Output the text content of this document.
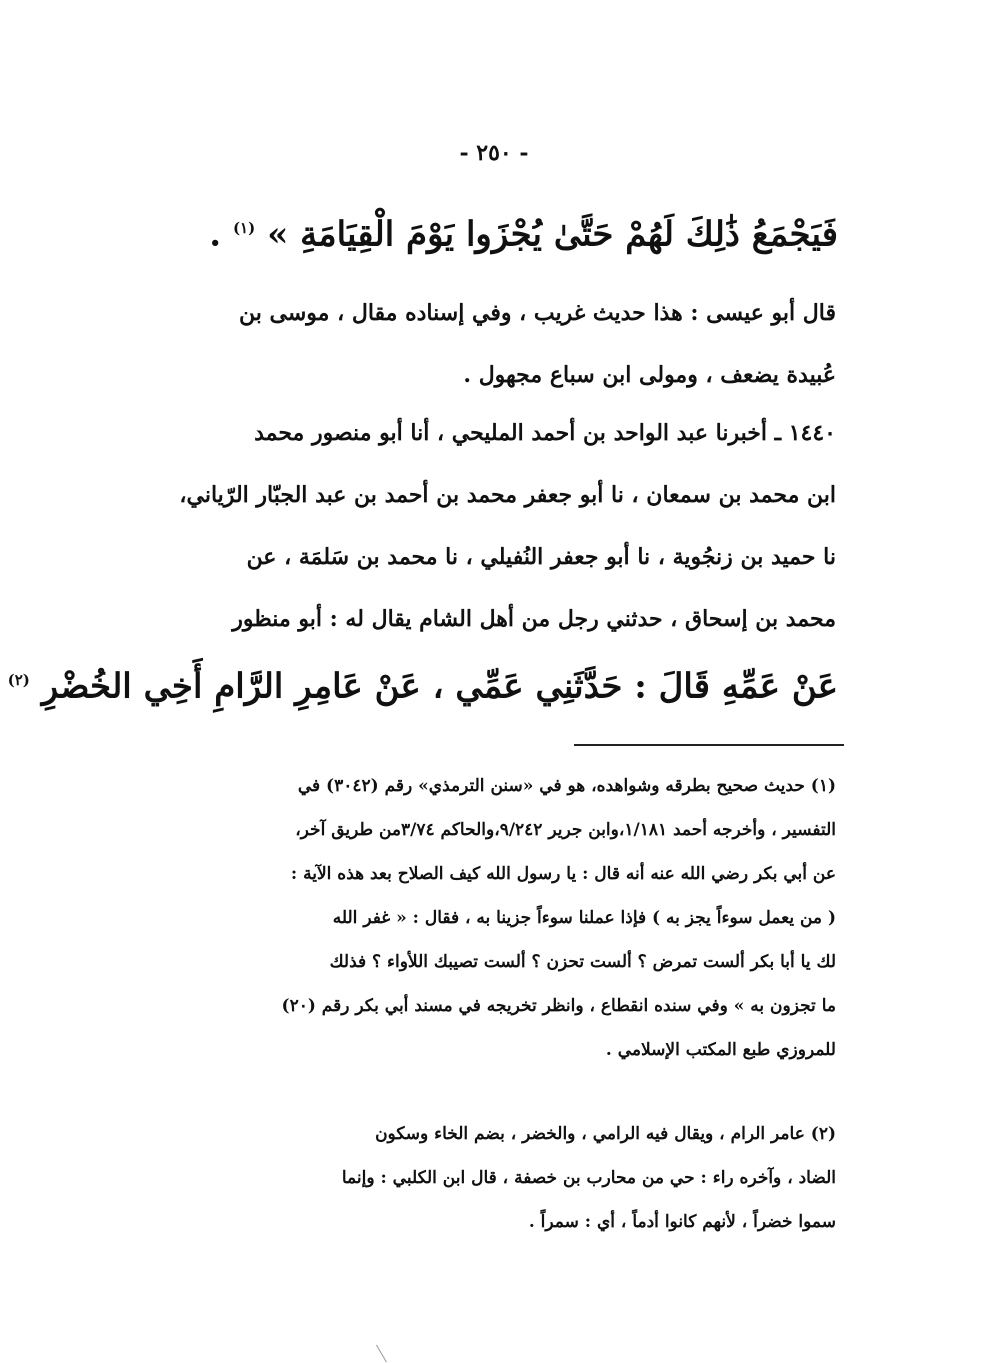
- ٢٥٠ -
فَيَجْمَعُ ذَٰلِكَ لَهُمْ حَتَّىٰ يُجْزَوا يَوْمَ الْقِيَامَةِ » $^{(١)}$ .
قال أبو عيسى : هذا حديث غريب ، وفي إسناده مقال ، موسى بن
عُبيدة يضعف ، ومولى ابن سباع مجهول .
١٤٤٠ ـ أخبرنا عبد الواحد بن أحمد المليحي ، أنا أبو منصور محمد
ابن محمد بن سمعان ، نا أبو جعفر محمد بن أحمد بن عبد الجبّار الرّياني،
نا حميد بن زنجُوية ، نا أبو جعفر النُفيلي ، نا محمد بن سَلمَة ، عن
محمد بن إسحاق ، حدثني رجل من أهل الشام يقال له : أبو منظور
عَنْ عَمِّهِ قَالَ : حَدَّثَنِي عَمِّي ، عَنْ عَامِرِ الرَّامِ أَخِي الخُضْرِ $^{(٢)}$
(١) حديث صحيح بطرقه وشواهده، هو في «سنن الترمذي» رقم (٣٠٤٢) في
التفسير ، وأخرجه أحمد ١/١٨١،وابن جرير ٩/٢٤٢،والحاكم ٣/٧٤من طريق آخر،
عن أبي بكر رضي الله عنه أنه قال : يا رسول الله كيف الصلاح بعد هذه الآية :
( من يعمل سوءاً يجز به ) فإذا عملنا سوءاً جزينا به ، فقال : « غفر الله
لك يا أبا بكر ألست تمرض ؟ ألست تحزن ؟ ألست تصيبك اللأواء ؟ فذلك
ما تجزون به » وفي سنده انقطاع ، وانظر تخريجه في مسند أبي بكر رقم (٢٠)
للمروزي طبع المكتب الإسلامي .
(٢) عامر الرام ، ويقال فيه الرامي ، والخضر ، بضم الخاء وسكون
الضاد ، وآخره راء : حي من محارب بن خصفة ، قال ابن الكلبي : وإنما
سموا خضراً ، لأنهم كانوا أدماً ، أي : سمراً .
